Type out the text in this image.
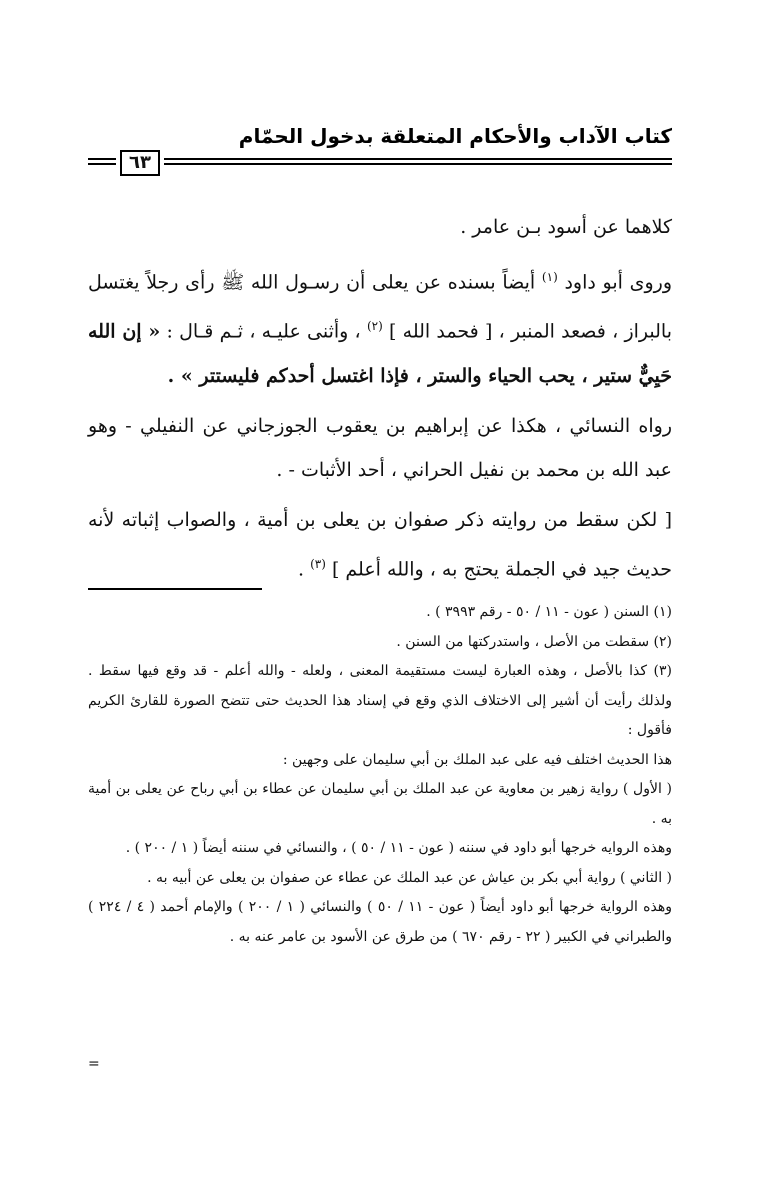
كتاب الآداب والأحكام المتعلقة بدخول الحمّام
٦٣

كلاهما عن أسود بـن عامر .

وروى أبو داود $^{(١)}$ أيضاً بسنده عن يعلى أن رسـول الله ﷺ رأى رجلاً يغتسل بالبراز ، فصعد المنبر ، [ فحمد الله ] $^{(٢)}$ ، وأثنى عليـه ، ثـم قـال : « إن الله حَيِيٌّ ستير ، يحب الحياء والستر ، فإذا اغتسل أحدكم فليستتر » .

رواه النسائي ، هكذا عن إبراهيم بن يعقوب الجوزجاني عن النفيلي - وهو عبد الله بن محمد بن نفيل الحراني ، أحد الأثبات - .

[ لكن سقط من روايته ذكر صفوان بن يعلى بن أمية ، والصواب إثباته لأنه حديث جيد في الجملة يحتج به ، والله أعلم ] $^{(٣)}$ .

(١) السنن ( عون - ١١ / ٥٠ - رقم ٣٩٩٣ ) .

(٢) سقطت من الأصل ، واستدركتها من السنن .

(٣) كذا بالأصل ، وهذه العبارة ليست مستقيمة المعنى ، ولعله - والله أعلم - قد وقع فيها سقط . ولذلك رأيت أن أشير إلى الاختلاف الذي وقع في إسناد هذا الحديث حتى تتضح الصورة للقارئ الكريم فأقول :

هذا الحديث اختلف فيه على عبد الملك بن أبي سليمان على وجهين :

( الأول ) رواية زهير بن معاوية عن عبد الملك بن أبي سليمان عن عطاء بن أبي رباح عن يعلى بن أمية به .

وهذه الروايه خرجها أبو داود في سننه ( عون - ١١ / ٥٠ ) ، والنسائي في سننه أيضاً ( ١ / ٢٠٠ ) .

( الثاني ) رواية أبي بكر بن عياش عن عبد الملك عن عطاء عن صفوان بن يعلى عن أبيه به .

وهذه الرواية خرجها أبو داود أيضاً ( عون - ١١ / ٥٠ ) والنسائي ( ١ / ٢٠٠ ) والإمام أحمد ( ٤ / ٢٢٤ ) والطبراني في الكبير ( ٢٢ - رقم ٦٧٠ ) من طرق عن الأسود بن عامر عنه به .

=
